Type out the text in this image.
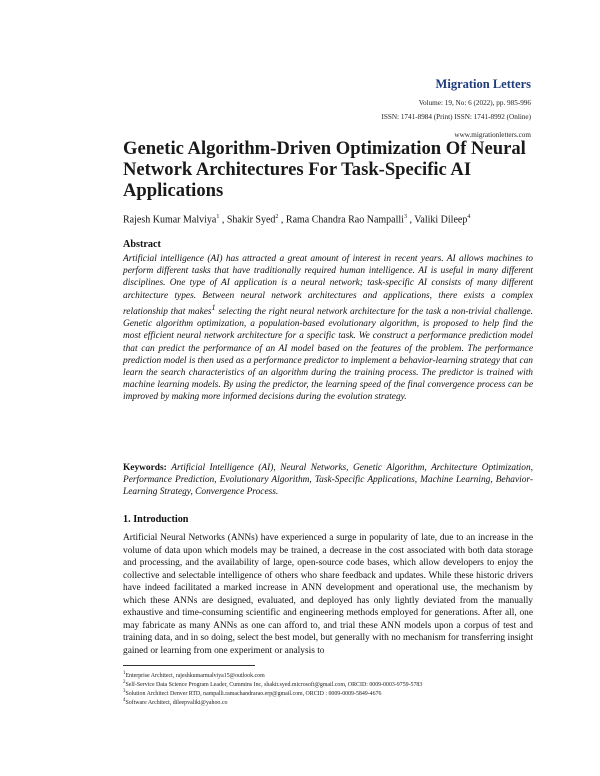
Migration Letters
Volume: 19, No: 6 (2022), pp. 985-996
ISSN: 1741-8984 (Print) ISSN: 1741-8992 (Online)
www.migrationletters.com
Genetic Algorithm-Driven Optimization Of Neural Network Architectures For Task-Specific AI Applications
Rajesh Kumar Malviya$^1$ , Shakir Syed$^2$ , Rama Chandra Rao Nampalli$^3$ , Valiki Dileep$^4$
Abstract

Artificial intelligence (AI) has attracted a great amount of interest in recent years. AI allows machines to perform different tasks that have traditionally required human intelligence. AI is useful in many different disciplines. One type of AI application is a neural network; task-specific AI consists of many different architecture types. Between neural network architectures and applications, there exists a complex relationship that makes$^1$ selecting the right neural network architecture for the task a non-trivial challenge. Genetic algorithm optimization, a population-based evolutionary algorithm, is proposed to help find the most efficient neural network architecture for a specific task. We construct a performance prediction model that can predict the performance of an AI model based on the features of the problem. The performance prediction model is then used as a performance predictor to implement a behavior-learning strategy that can learn the search characteristics of an algorithm during the training process. The predictor is trained with machine learning models. By using the predictor, the learning speed of the final convergence process can be improved by making more informed decisions during the evolution strategy.

Keywords: Artificial Intelligence (AI), Neural Networks, Genetic Algorithm, Architecture Optimization, Performance Prediction, Evolutionary Algorithm, Task-Specific Applications, Machine Learning, Behavior-Learning Strategy, Convergence Process.
1. Introduction
Artificial Neural Networks (ANNs) have experienced a surge in popularity of late, due to an increase in the volume of data upon which models may be trained, a decrease in the cost associated with both data storage and processing, and the availability of large, open-source code bases, which allow developers to enjoy the collective and selectable intelligence of others who share feedback and updates. While these historic drivers have indeed facilitated a marked increase in ANN development and operational use, the mechanism by which these ANNs are designed, evaluated, and deployed has only lightly deviated from the manually exhaustive and time-consuming scientific and engineering methods employed for generations. After all, one may fabricate as many ANNs as one can afford to, and trial these ANN models upon a corpus of test and training data, and in so doing, select the best model, but generally with no mechanism for transferring insight gained or learning from one experiment or analysis to
$^1$Enterprise Architect, rajeshkumarmalviya15@outlook.com
$^2$Self-Service Data Science Program Leader, Cummins Inc, shakir.syed.microsoft@gmail.com, ORCID: 0009-0003-9759-5783
$^3$Solution Architect Denver RTD, nampalli.ramachandrarao.erp@gmail.com, ORCID : 0009-0009-5849-4676
$^4$Software Architect, dileepvaliki@yahoo.co
